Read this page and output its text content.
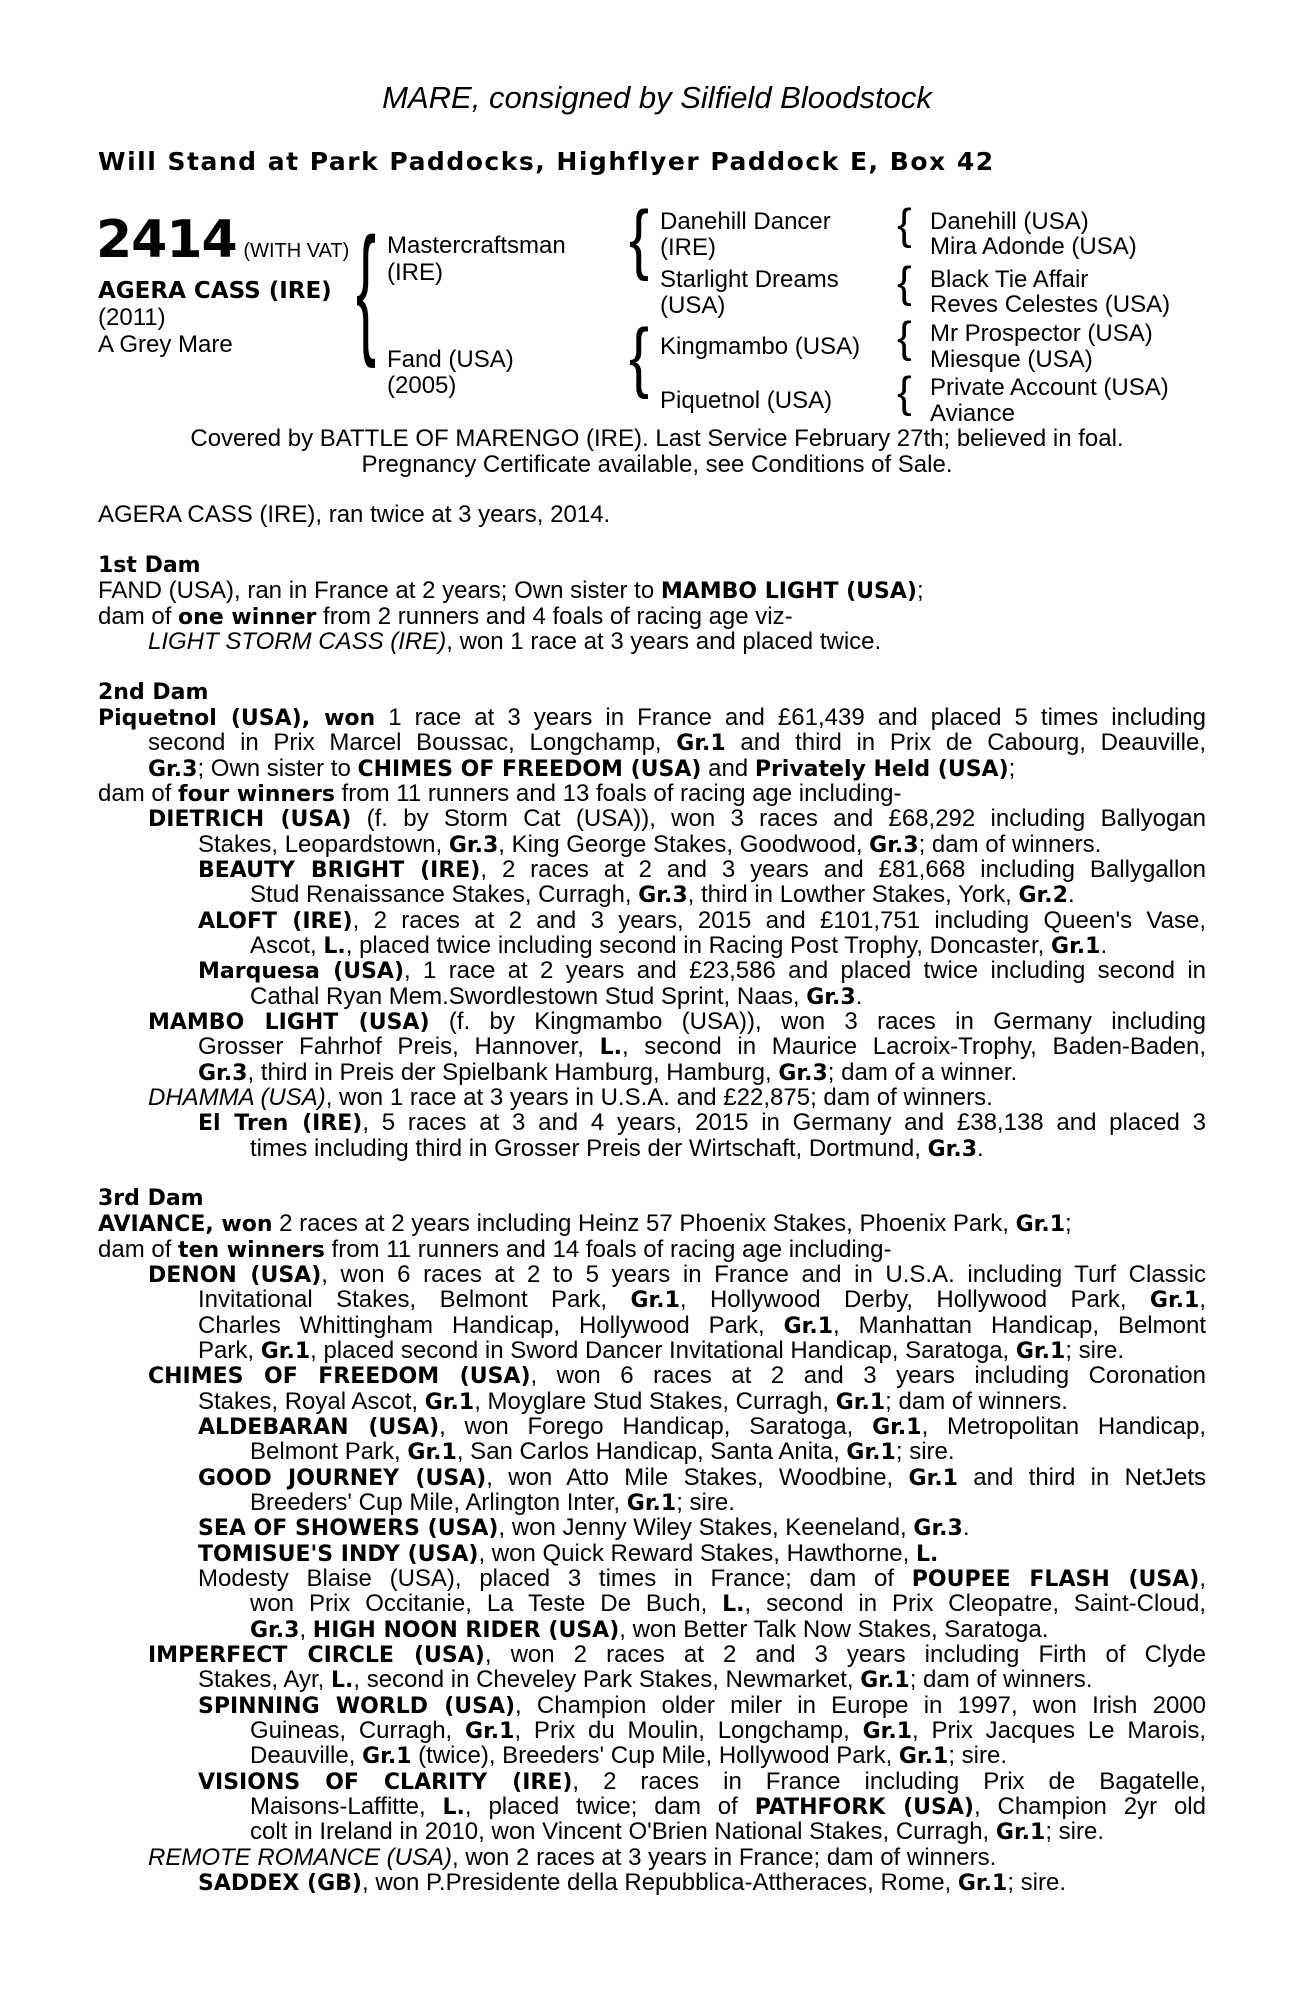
MARE, consigned by Silfield Bloodstock
Will Stand at Park Paddocks, Highflyer Paddock E, Box 42
2414 (WITH VAT)
AGERA CASS (IRE)
(2011)
A Grey Mare { Mastercraftsman
(IRE)
Fand (USA)
(2005)
{
{
Danehill Dancer
(IRE)
Starlight Dreams
(USA)
Kingmambo (USA)
Piquetnol (USA)
{
{
{
{
Danehill (USA)
Mira Adonde (USA)
Black Tie Affair
Reves Celestes (USA)
Mr Prospector (USA)
Miesque (USA)
Private Account (USA)
Aviance
Covered by BATTLE OF MARENGO (IRE). Last Service February 27th; believed in foal.
Pregnancy Certificate available, see Conditions of Sale.
AGERA CASS (IRE), ran twice at 3 years, 2014.
1st Dam
FAND (USA), ran in France at 2 years; Own sister to MAMBO LIGHT (USA);
dam of one winner from 2 runners and 4 foals of racing age viz-
LIGHT STORM CASS (IRE), won 1 race at 3 years and placed twice.
2nd Dam
Piquetnol (USA), won 1 race at 3 years in France and £61,439 and placed 5 times including
second in Prix Marcel Boussac, Longchamp, Gr.1 and third in Prix de Cabourg, Deauville,
Gr.3; Own sister to CHIMES OF FREEDOM (USA) and Privately Held (USA);
dam of four winners from 11 runners and 13 foals of racing age including-
DIETRICH (USA) (f. by Storm Cat (USA)), won 3 races and £68,292 including Ballyogan
Stakes, Leopardstown, Gr.3, King George Stakes, Goodwood, Gr.3; dam of winners.
BEAUTY BRIGHT (IRE), 2 races at 2 and 3 years and £81,668 including Ballygallon
Stud Renaissance Stakes, Curragh, Gr.3, third in Lowther Stakes, York, Gr.2.
ALOFT (IRE), 2 races at 2 and 3 years, 2015 and £101,751 including Queen's Vase,
Ascot, L., placed twice including second in Racing Post Trophy, Doncaster, Gr.1.
Marquesa (USA), 1 race at 2 years and £23,586 and placed twice including second in
Cathal Ryan Mem.Swordlestown Stud Sprint, Naas, Gr.3.
MAMBO LIGHT (USA) (f. by Kingmambo (USA)), won 3 races in Germany including
Grosser Fahrhof Preis, Hannover, L., second in Maurice Lacroix-Trophy, Baden-Baden,
Gr.3, third in Preis der Spielbank Hamburg, Hamburg, Gr.3; dam of a winner.
DHAMMA (USA), won 1 race at 3 years in U.S.A. and £22,875; dam of winners.
El Tren (IRE), 5 races at 3 and 4 years, 2015 in Germany and £38,138 and placed 3
times including third in Grosser Preis der Wirtschaft, Dortmund, Gr.3.
3rd Dam
AVIANCE, won 2 races at 2 years including Heinz 57 Phoenix Stakes, Phoenix Park, Gr.1;
dam of ten winners from 11 runners and 14 foals of racing age including-
DENON (USA), won 6 races at 2 to 5 years in France and in U.S.A. including Turf Classic
Invitational Stakes, Belmont Park, Gr.1, Hollywood Derby, Hollywood Park, Gr.1,
Charles Whittingham Handicap, Hollywood Park, Gr.1, Manhattan Handicap, Belmont
Park, Gr.1, placed second in Sword Dancer Invitational Handicap, Saratoga, Gr.1; sire.
CHIMES OF FREEDOM (USA), won 6 races at 2 and 3 years including Coronation
Stakes, Royal Ascot, Gr.1, Moyglare Stud Stakes, Curragh, Gr.1; dam of winners.
ALDEBARAN (USA), won Forego Handicap, Saratoga, Gr.1, Metropolitan Handicap,
Belmont Park, Gr.1, San Carlos Handicap, Santa Anita, Gr.1; sire.
GOOD JOURNEY (USA), won Atto Mile Stakes, Woodbine, Gr.1 and third in NetJets
Breeders' Cup Mile, Arlington Inter, Gr.1; sire.
SEA OF SHOWERS (USA), won Jenny Wiley Stakes, Keeneland, Gr.3.
TOMISUE'S INDY (USA), won Quick Reward Stakes, Hawthorne, L.
Modesty Blaise (USA), placed 3 times in France; dam of POUPEE FLASH (USA),
won Prix Occitanie, La Teste De Buch, L., second in Prix Cleopatre, Saint-Cloud,
Gr.3, HIGH NOON RIDER (USA), won Better Talk Now Stakes, Saratoga.
IMPERFECT CIRCLE (USA), won 2 races at 2 and 3 years including Firth of Clyde
Stakes, Ayr, L., second in Cheveley Park Stakes, Newmarket, Gr.1; dam of winners.
SPINNING WORLD (USA), Champion older miler in Europe in 1997, won Irish 2000
Guineas, Curragh, Gr.1, Prix du Moulin, Longchamp, Gr.1, Prix Jacques Le Marois,
Deauville, Gr.1 (twice), Breeders' Cup Mile, Hollywood Park, Gr.1; sire.
VISIONS OF CLARITY (IRE), 2 races in France including Prix de Bagatelle,
Maisons-Laffitte, L., placed twice; dam of PATHFORK (USA), Champion 2yr old
colt in Ireland in 2010, won Vincent O'Brien National Stakes, Curragh, Gr.1; sire.
REMOTE ROMANCE (USA), won 2 races at 3 years in France; dam of winners.
SADDEX (GB), won P.Presidente della Repubblica-Attheraces, Rome, Gr.1; sire.
